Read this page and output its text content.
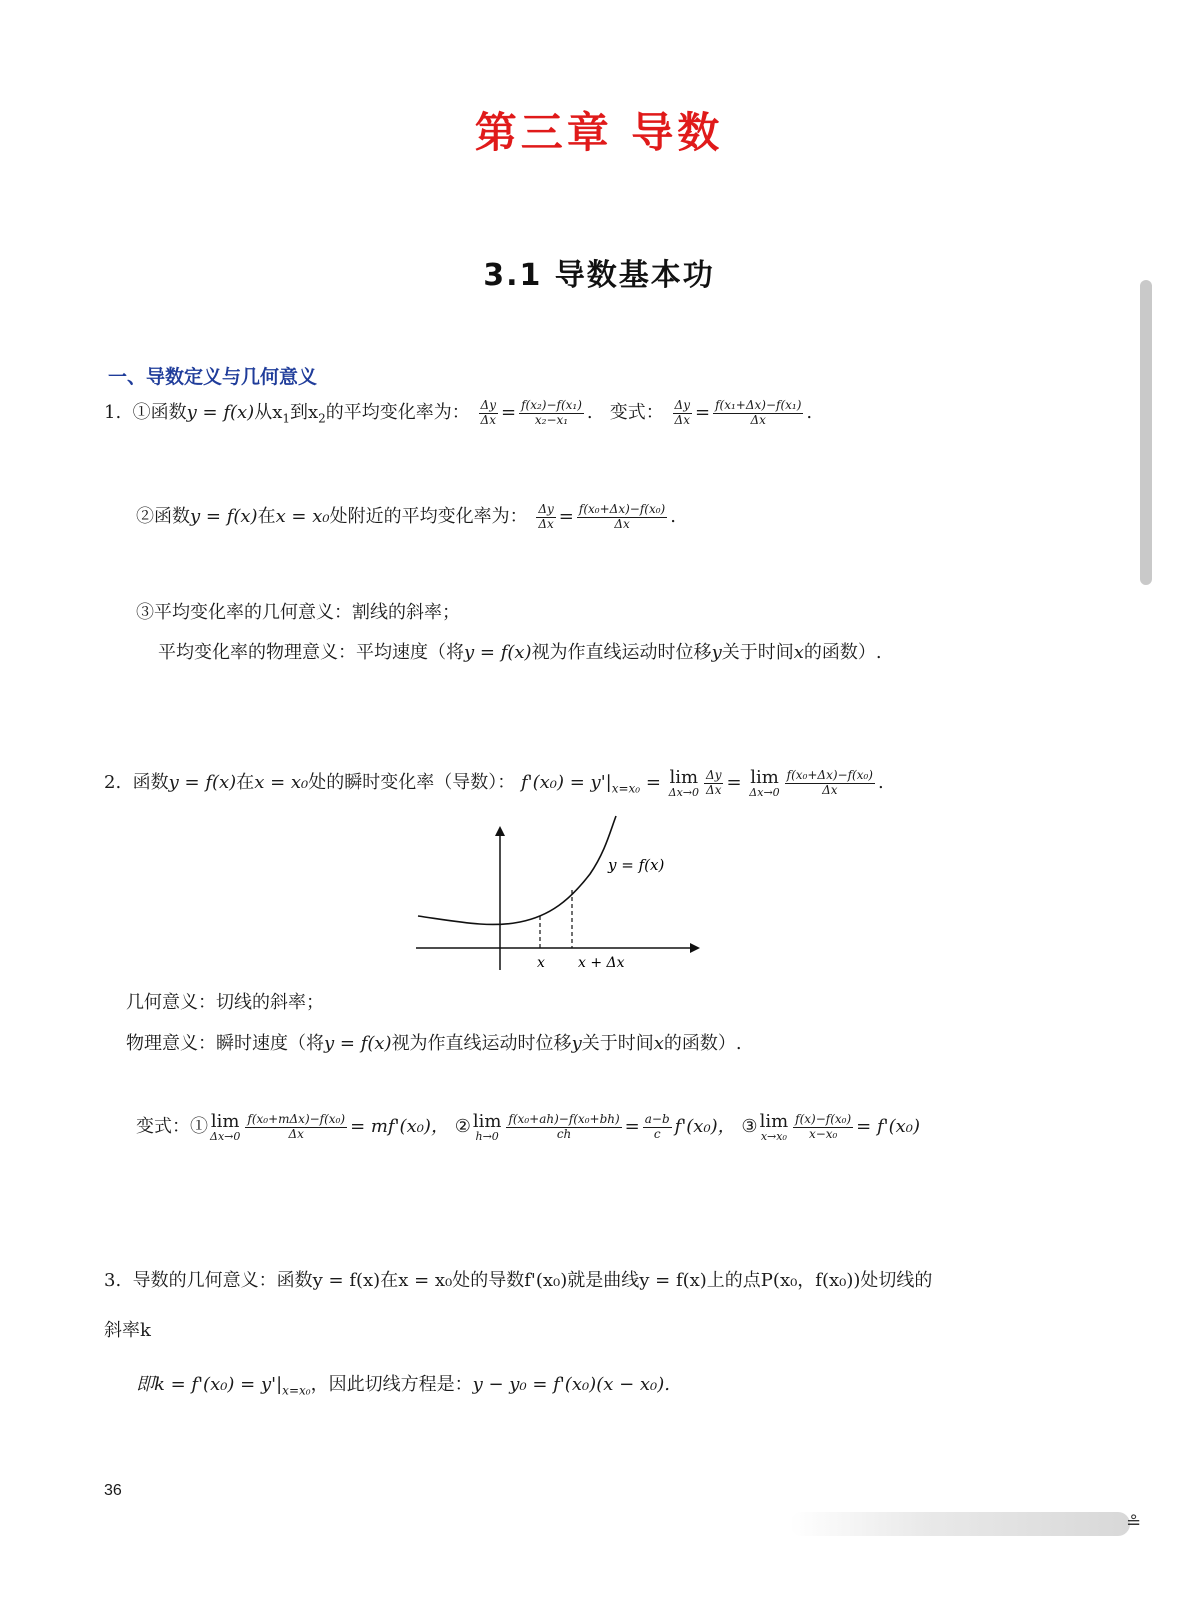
第三章 导数
3.1 导数基本功
一、导数定义与几何意义
1. ①函数y = f(x)从$x_1$到$x_2$的平均变化率为： $\frac{\Delta y}{\Delta x} = \frac{\text{f(x₂)−f(x₁)}}{\text{x₂−x₁}}$ .   变式： $\frac{\Delta y}{\Delta x} = \frac{\text{f(x₁+Δx)−f(x₁)}}{\Delta x}$ .
②函数y = f(x)在x = x₀处附近的平均变化率为： $\frac{\Delta y}{\Delta x} = \frac{\text{f(x₀+Δx)−f(x₀)}}{\Delta x}$ .
③平均变化率的几何意义：割线的斜率；
平均变化率的物理意义：平均速度（将y = f(x)视为作直线运动时位移y关于时间x的函数）.
2. 函数y = f(x)在x = x₀处的瞬时变化率（导数）： $f'(x_0) = y'|_{x=x_0} = \lim$
$\Delta x\to 0 \frac{\Delta y}{\Delta x} = \lim$
$\Delta x\to 0 \frac{\text{f(x₀+Δx)−f(x₀)}}{\Delta x}$ .
y = f(x)
x x + Δx
几何意义：切线的斜率；
物理意义：瞬时速度（将y = f(x)视为作直线运动时位移y关于时间x的函数）.
变式：① lim
$\Delta x\to 0 \frac{\text{f(x₀+mΔx)−f(x₀)}}{\Delta x} = mf'(x_0)$， ② lim
$h\to 0 \frac{\text{f(x₀+ah)−f(x₀+bh)}}{ch} = \frac{a-b}{c} f'(x_0)$， ③ lim
$x\to x_0 \frac{\text{f(x)−f(x₀)}}{\text{x−x₀}} = f'(x_0)$
3. 导数的几何意义：函数y = f(x)在x = x₀处的导数f'(x₀)就是曲线y = f(x)上的点P(x₀，f(x₀))处切线的
斜率k
即$k = f'(x_0) = y'|_{x=x_0}$，因此切线方程是：y − y₀ = f'(x₀)(x − x₀).
36
≗
